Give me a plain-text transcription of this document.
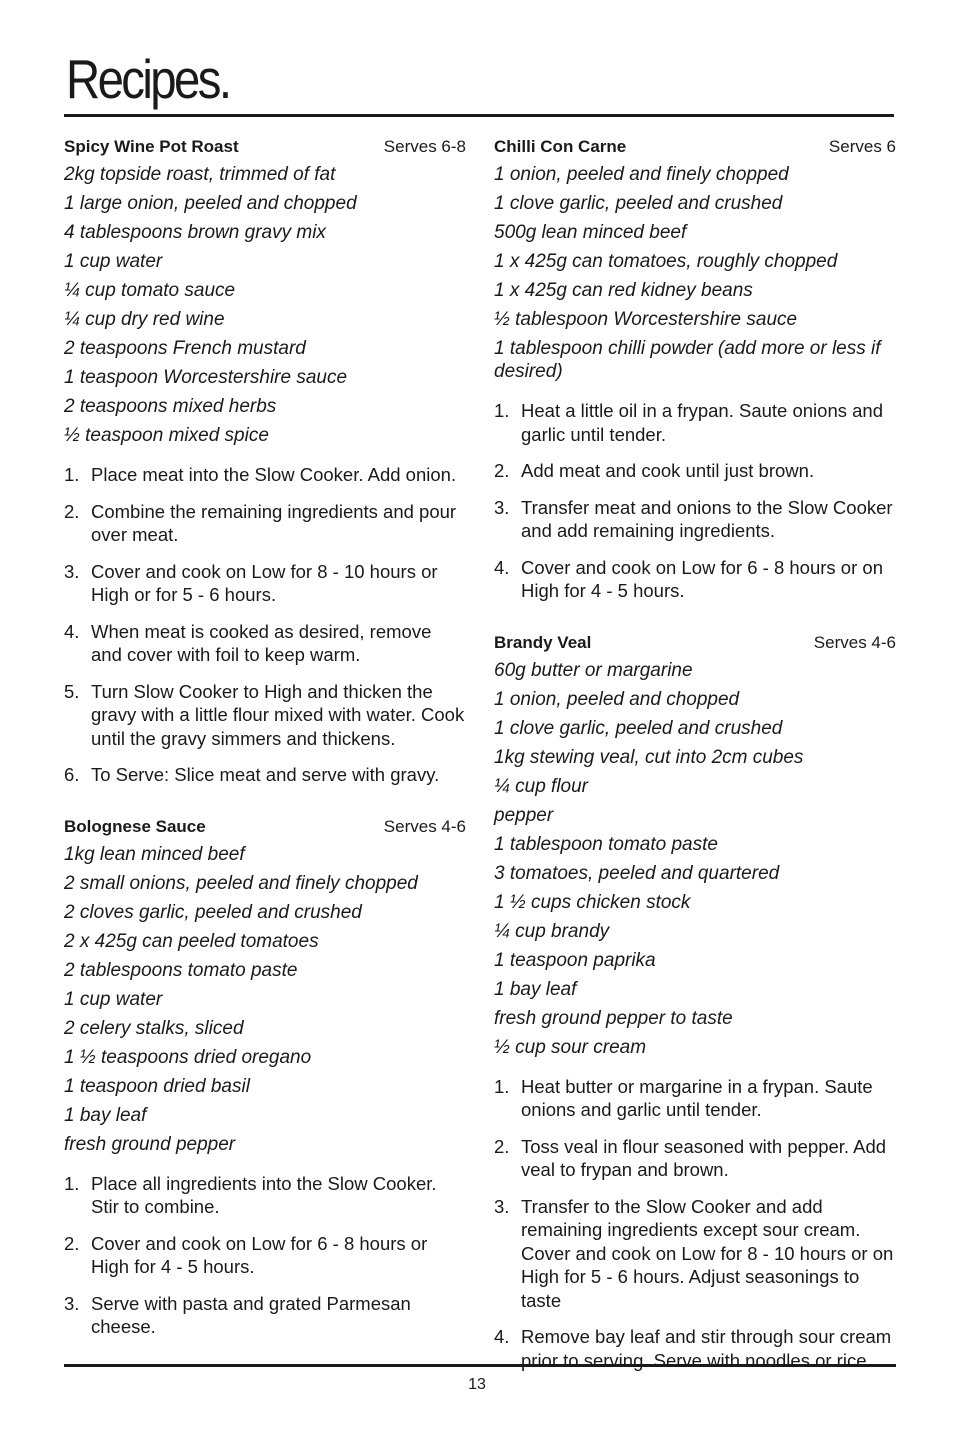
Recipes.
Spicy Wine Pot Roast	Serves 6-8
2kg topside roast, trimmed of fat
1 large onion, peeled and chopped
4 tablespoons brown gravy mix
1 cup water
¼ cup tomato sauce
¼ cup dry red wine
2 teaspoons French mustard
1 teaspoon Worcestershire sauce
2 teaspoons mixed herbs
½ teaspoon mixed spice
1. Place meat into the Slow Cooker. Add onion.
2. Combine the remaining ingredients and pour over meat.
3. Cover and cook on Low for 8 - 10 hours or High or for 5 - 6 hours.
4. When meat is cooked as desired, remove and cover with foil to keep warm.
5. Turn Slow Cooker to High and thicken the gravy with a little flour mixed with water. Cook until the gravy simmers and thickens.
6. To Serve: Slice meat and serve with gravy.
Bolognese Sauce	Serves 4-6
1kg lean minced beef
2 small onions, peeled and finely chopped
2 cloves garlic, peeled and crushed
2 x 425g can peeled tomatoes
2 tablespoons tomato paste
1 cup water
2 celery stalks, sliced
1 ½ teaspoons dried oregano
1 teaspoon dried basil
1 bay leaf
fresh ground pepper
1. Place all ingredients into the Slow Cooker. Stir to combine.
2. Cover and cook on Low for 6 - 8 hours or High for 4 - 5 hours.
3. Serve with pasta and grated Parmesan cheese.
Chilli Con Carne	Serves 6
1 onion, peeled and finely chopped
1 clove garlic, peeled and crushed
500g lean minced beef
1 x 425g can tomatoes, roughly chopped
1 x 425g can red kidney beans
½ tablespoon Worcestershire sauce
1 tablespoon chilli powder (add more or less if desired)
1. Heat a little oil in a frypan. Saute onions and garlic until tender.
2. Add meat and cook until just brown.
3. Transfer meat and onions to the Slow Cooker and add remaining ingredients.
4. Cover and cook on Low for 6 - 8 hours or on High for 4 - 5 hours.
Brandy Veal	Serves 4-6
60g butter or margarine
1 onion, peeled and chopped
1 clove garlic, peeled and crushed
1kg stewing veal, cut into 2cm cubes
¼ cup flour
pepper
1 tablespoon tomato paste
3 tomatoes, peeled and quartered
1 ½ cups chicken stock
¼ cup brandy
1 teaspoon paprika
1 bay leaf
fresh ground pepper to taste
½ cup sour cream
1. Heat butter or margarine in a frypan. Saute onions and garlic until tender.
2. Toss veal in flour seasoned with pepper. Add veal to frypan and brown.
3. Transfer to the Slow Cooker and add remaining ingredients except sour cream. Cover and cook on Low for 8 - 10 hours or on High for 5 - 6 hours. Adjust seasonings to taste
4. Remove bay leaf and stir through sour cream prior to serving. Serve with noodles or rice.
13
